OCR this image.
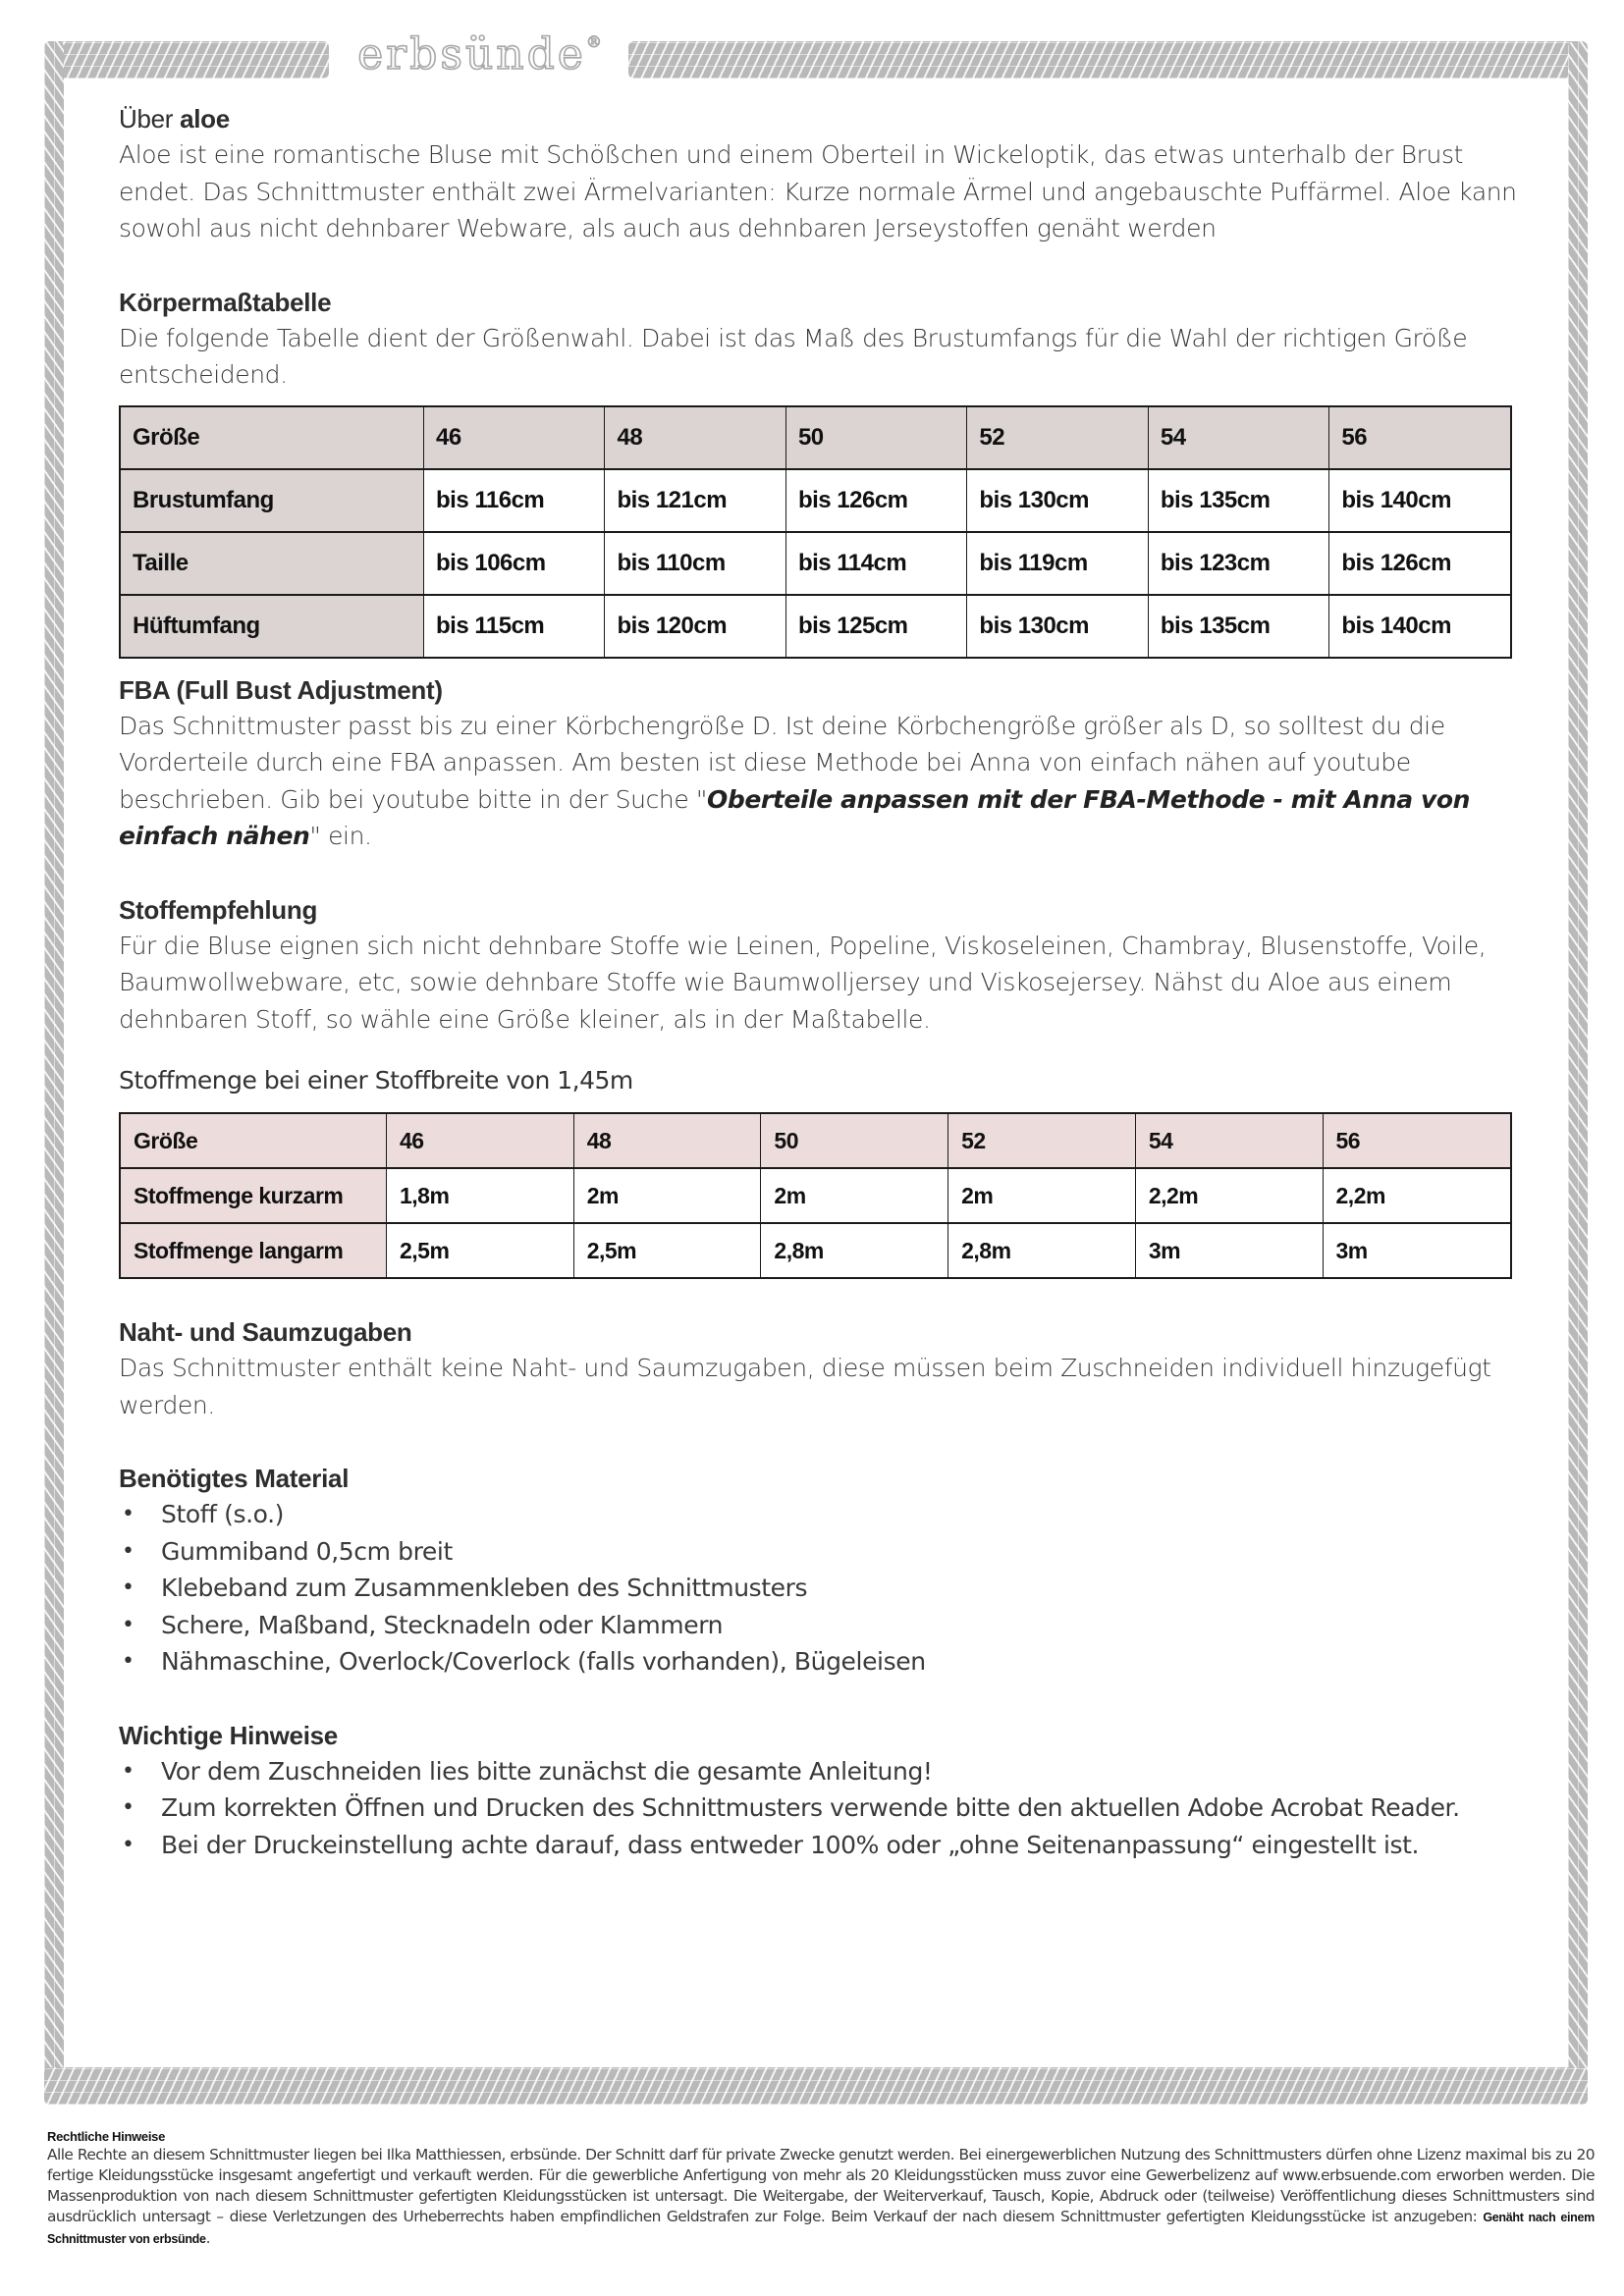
erbsünde®
Über aloe

Aloe ist eine romantische Bluse mit Schößchen und einem Oberteil in Wickeloptik, das etwas unterhalb der Brust endet. Das Schnittmuster enthält zwei Ärmelvarianten: Kurze normale Ärmel und angebauschte Puffärmel. Aloe kann sowohl aus nicht dehnbarer Webware, als auch aus dehnbaren Jerseystoffen genäht werden

Körpermaßtabelle

Die folgende Tabelle dient der Größenwahl. Dabei ist das Maß des Brustumfangs für die Wahl der richtigen Größe entscheidend.

Größe	46	48	50	52	54	56
Brustumfang	bis 116cm	bis 121cm	bis 126cm	bis 130cm	bis 135cm	bis 140cm
Taille	bis 106cm	bis 110cm	bis 114cm	bis 119cm	bis 123cm	bis 126cm
Hüftumfang	bis 115cm	bis 120cm	bis 125cm	bis 130cm	bis 135cm	bis 140cm
FBA (Full Bust Adjustment)

Das Schnittmuster passt bis zu einer Körbchengröße D. Ist deine Körbchengröße größer als D, so solltest du die Vorderteile durch eine FBA anpassen. Am besten ist diese Methode bei Anna von einfach nähen auf youtube beschrieben. Gib bei youtube bitte in der Suche "Oberteile anpassen mit der FBA-Methode - mit Anna von einfach nähen" ein.

Stoffempfehlung

Für die Bluse eignen sich nicht dehnbare Stoffe wie Leinen, Popeline, Viskoseleinen, Chambray, Blusenstoffe, Voile, Baumwollwebware, etc, sowie dehnbare Stoffe wie Baumwolljersey und Viskosejersey. Nähst du Aloe aus einem dehnbaren Stoff, so wähle eine Größe kleiner, als in der Maßtabelle.

Stoffmenge bei einer Stoffbreite von 1,45m
Größe	46	48	50	52	54	56
Stoffmenge kurzarm	1,8m	2m	2m	2m	2,2m	2,2m
Stoffmenge langarm	2,5m	2,5m	2,8m	2,8m	3m	3m
Naht- und Saumzugaben

Das Schnittmuster enthält keine Naht- und Saumzugaben, diese müssen beim Zuschneiden individuell hinzugefügt werden.

Benötigtes Material
• Stoff (s.o.)
• Gummiband 0,5cm breit
• Klebeband zum Zusammenkleben des Schnittmusters
• Schere, Maßband, Stecknadeln oder Klammern
• Nähmaschine, Overlock/Coverlock (falls vorhanden), Bügeleisen
Wichtige Hinweise
• Vor dem Zuschneiden lies bitte zunächst die gesamte Anleitung!
• Zum korrekten Öffnen und Drucken des Schnittmusters verwende bitte den aktuellen Adobe Acrobat Reader.
• Bei der Druckeinstellung achte darauf, dass entweder 100% oder „ohne Seitenanpassung“ eingestellt ist.
Rechtliche Hinweise

Alle Rechte an diesem Schnittmuster liegen bei Ilka Matthiessen, erbsünde. Der Schnitt darf für private Zwecke genutzt werden. Bei einergewerblichen Nutzung des Schnittmusters dürfen ohne Lizenz maximal bis zu 20 fertige Kleidungsstücke insgesamt angefertigt und verkauft werden. Für die gewerbliche Anfertigung von mehr als 20 Kleidungsstücken muss zuvor eine Gewerbelizenz auf www.erbsuende.com erworben werden. Die Massenproduktion von nach diesem Schnittmuster gefertigten Kleidungsstücken ist untersagt. Die Weitergabe, der Weiterverkauf, Tausch, Kopie, Abdruck oder (teilweise) Veröffentlichung dieses Schnittmusters sind ausdrücklich untersagt – diese Verletzungen des Urheberrechts haben empfindlichen Geldstrafen zur Folge. Beim Verkauf der nach diesem Schnittmuster gefertigten Kleidungsstücke ist anzugeben: Genäht nach einem Schnittmuster von erbsünde.
